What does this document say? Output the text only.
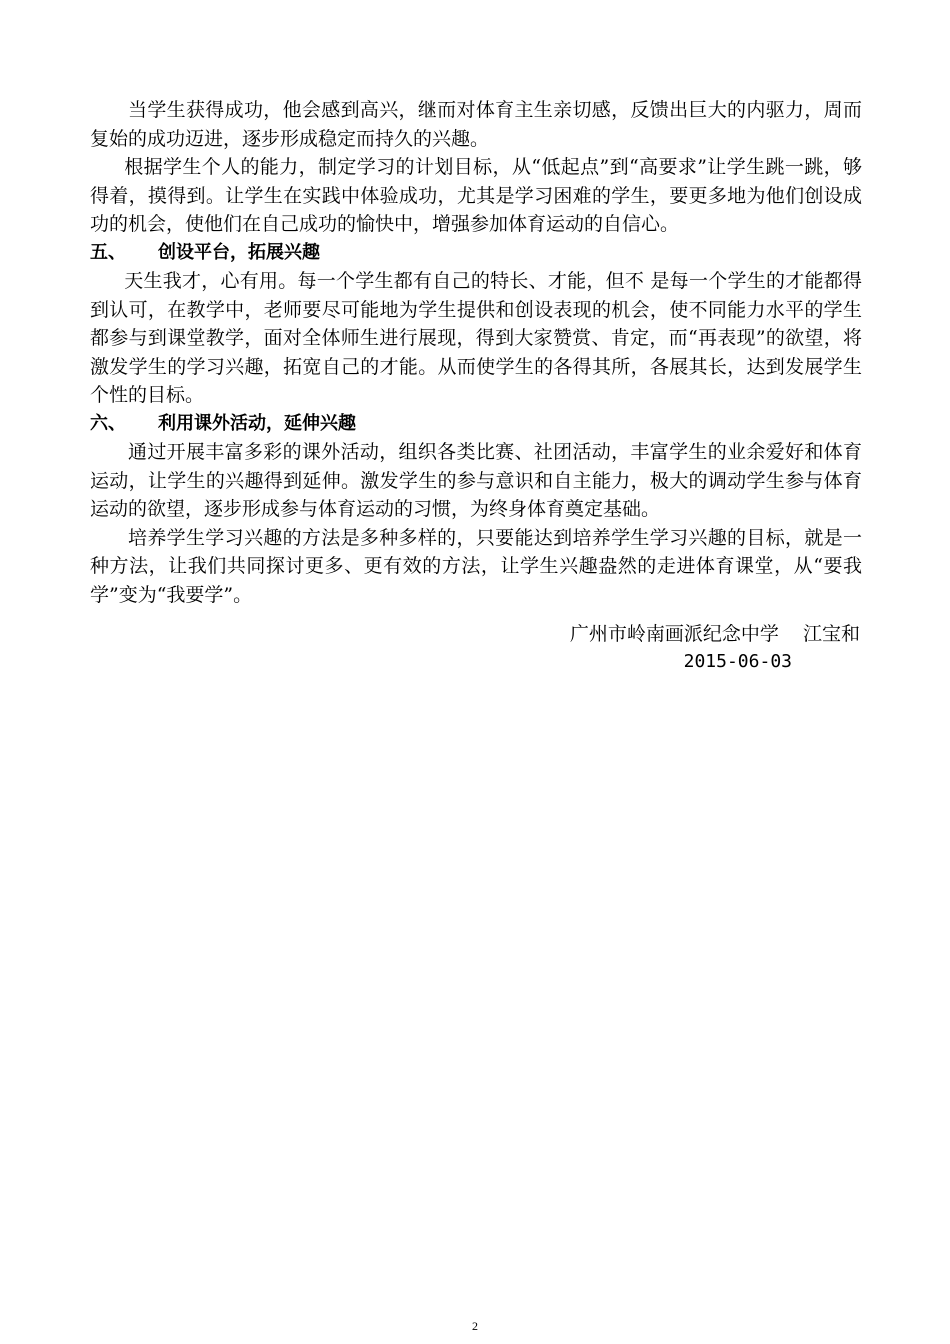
当学生获得成功，他会感到高兴，继而对体育主生亲切感，反馈出巨大的内驱力，周而复始的成功迈进，逐步形成稳定而持久的兴趣。

根据学生个人的能力，制定学习的计划目标，从“低起点”到“高要求”让学生跳一跳，够得着，摸得到。让学生在实践中体验成功，尤其是学习困难的学生，要更多地为他们创设成功的机会，使他们在自己成功的愉快中，增强参加体育运动的自信心。

五、	创设平台，拓展兴趣

天生我才，心有用。每一个学生都有自己的特长、才能，但不 是每一个学生的才能都得到认可，在教学中，老师要尽可能地为学生提供和创设表现的机会，使不同能力水平的学生都参与到课堂教学，面对全体师生进行展现，得到大家赞赏、肯定，而“再表现”的欲望，将激发学生的学习兴趣，拓宽自己的才能。从而使学生的各得其所，各展其长，达到发展学生个性的目标。

六、	利用课外活动，延伸兴趣

通过开展丰富多彩的课外活动，组织各类比赛、社团活动，丰富学生的业余爱好和体育运动，让学生的兴趣得到延伸。激发学生的参与意识和自主能力，极大的调动学生参与体育运动的欲望，逐步形成参与体育运动的习惯，为终身体育奠定基础。

培养学生学习兴趣的方法是多种多样的，只要能达到培养学生学习兴趣的目标，就是一种方法，让我们共同探讨更多、更有效的方法，让学生兴趣盎然的走进体育课堂，从“要我学”变为“我要学”。

广州市岭南画派纪念中学    江宝和
2015-06-03
2
